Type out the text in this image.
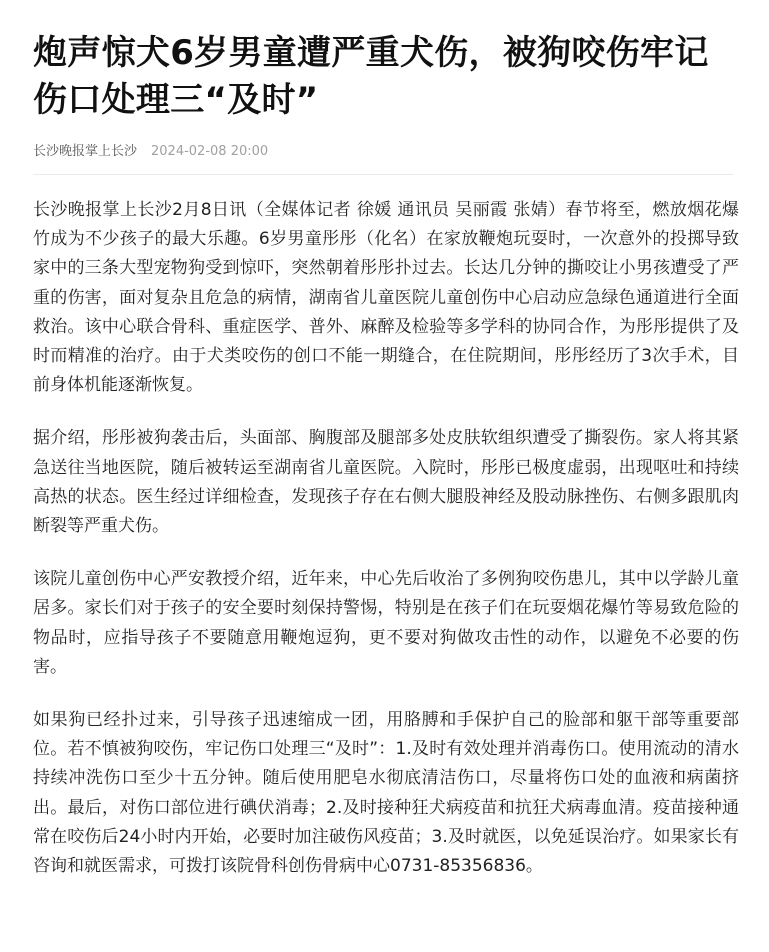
炮声惊犬6岁男童遭严重犬伤，被狗咬伤牢记伤口处理三“及时”
长沙晚报掌上长沙 2024-02-08 20:00

长沙晚报掌上长沙2月8日讯（全媒体记者 徐媛 通讯员 吴丽霞 张婧）春节将至，燃放烟花爆竹成为不少孩子的最大乐趣。6岁男童彤彤（化名）在家放鞭炮玩耍时，一次意外的投掷导致家中的三条大型宠物狗受到惊吓，突然朝着彤彤扑过去。长达几分钟的撕咬让小男孩遭受了严重的伤害，面对复杂且危急的病情，湖南省儿童医院儿童创伤中心启动应急绿色通道进行全面救治。该中心联合骨科、重症医学、普外、麻醉及检验等多学科的协同合作，为彤彤提供了及时而精准的治疗。由于犬类咬伤的创口不能一期缝合，在住院期间，彤彤经历了3次手术，目前身体机能逐渐恢复。

据介绍，彤彤被狗袭击后，头面部、胸腹部及腿部多处皮肤软组织遭受了撕裂伤。家人将其紧急送往当地医院，随后被转运至湖南省儿童医院。入院时，彤彤已极度虚弱，出现呕吐和持续高热的状态。医生经过详细检查，发现孩子存在右侧大腿股神经及股动脉挫伤、右侧多跟肌肉断裂等严重犬伤。

该院儿童创伤中心严安教授介绍，近年来，中心先后收治了多例狗咬伤患儿，其中以学龄儿童居多。家长们对于孩子的安全要时刻保持警惕，特别是在孩子们在玩耍烟花爆竹等易致危险的物品时，应指导孩子不要随意用鞭炮逗狗，更不要对狗做攻击性的动作，以避免不必要的伤害。

如果狗已经扑过来，引导孩子迅速缩成一团，用胳膊和手保护自己的脸部和躯干部等重要部位。若不慎被狗咬伤，牢记伤口处理三“及时”：1.及时有效处理并消毒伤口。使用流动的清水持续冲洗伤口至少十五分钟。随后使用肥皂水彻底清洁伤口，尽量将伤口处的血液和病菌挤出。最后，对伤口部位进行碘伏消毒；2.及时接种狂犬病疫苗和抗狂犬病毒血清。疫苗接种通常在咬伤后24小时内开始，必要时加注破伤风疫苗；3.及时就医，以免延误治疗。如果家长有咨询和就医需求，可拨打该院骨科创伤骨病中心0731-85356836。
